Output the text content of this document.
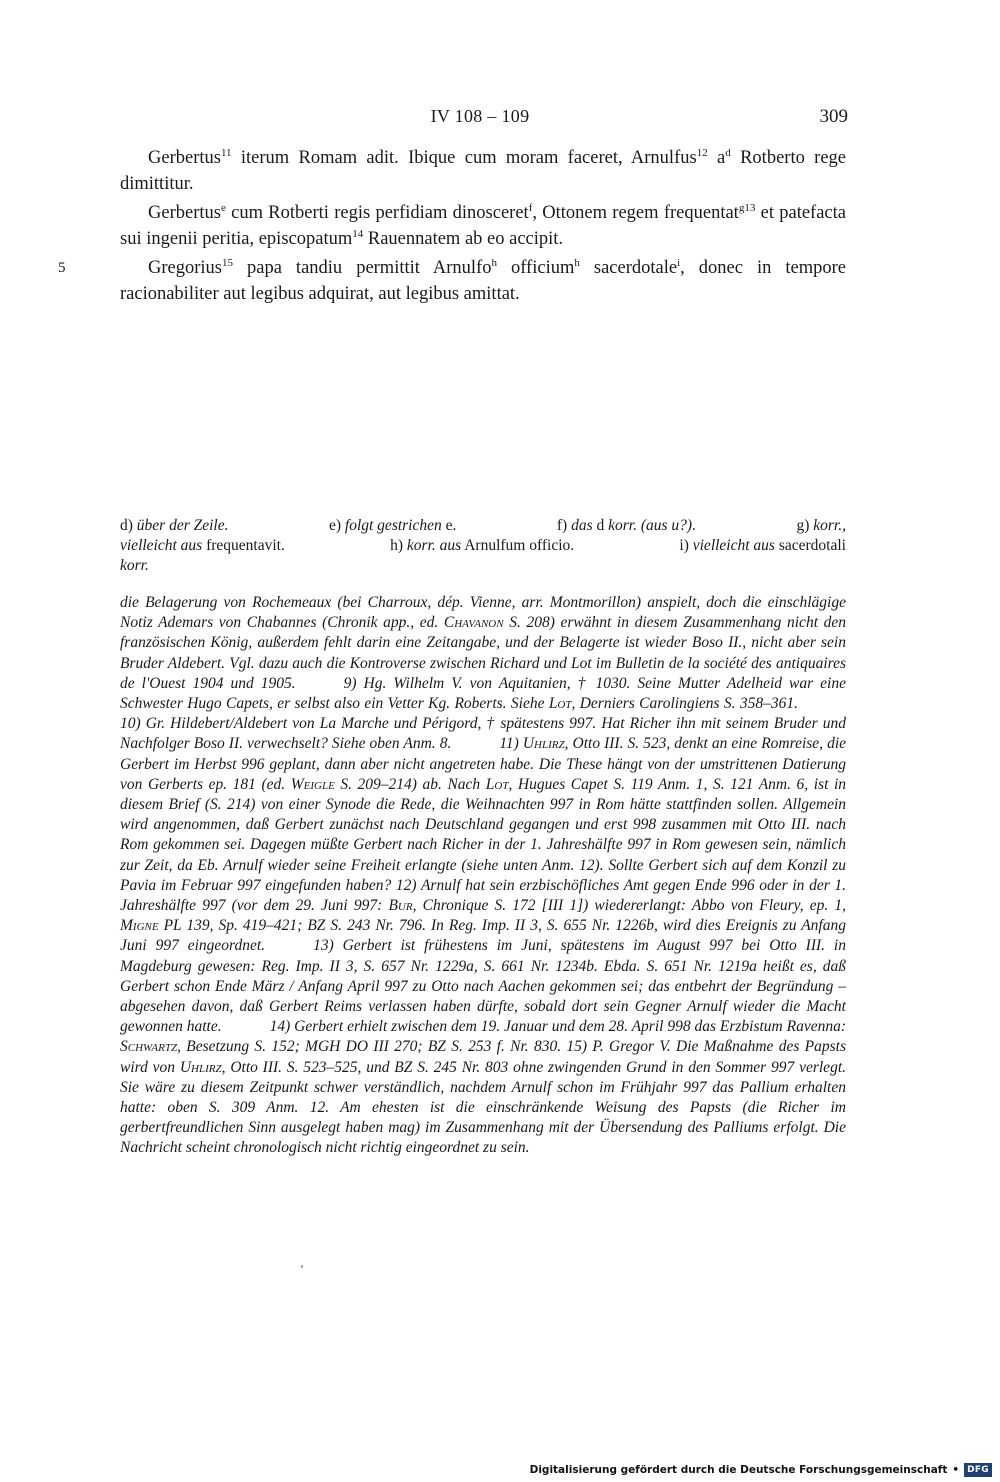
IV 108 – 109	309

Gerbertus$^{11}$ iterum Romam adit. Ibique cum moram faceret, Arnulfus$^{12}$ $a^d$ Rotberto rege dimittitur.

Gerbertus$^e$ cum Rotberti regis perfidiam dinosceret$^f$, Ottonem regem frequentat$^{g13}$ et patefacta sui ingenii peritia, episcopatum$^{14}$ Rauennatem ab eo accipit.

5	Gregorius$^{15}$ papa tandiu permittit Arnulfo$^h$ officium$^h$ sacerdotale$^i$, donec in tempore racionabiliter aut legibus adquirat, aut legibus amittat.

d) über der Zeile.	e) folgt gestrichen e.	f) das d korr. (aus u?).	g) korr.,
vielleicht aus frequentavit.	h) korr. aus Arnulfum officio.	i) vielleicht aus sacerdotali
korr.

die Belagerung von Rochemeaux (bei Charroux, dép. Vienne, arr. Montmorillon) anspielt, doch die einschlägige Notiz Ademars von Chabannes (Chronik app., ed. Chavanon S. 208) erwähnt in diesem Zusammenhang nicht den französischen König, außerdem fehlt darin eine Zeitangabe, und der Belagerte ist wieder Boso II., nicht aber sein Bruder Aldebert. Vgl. dazu auch die Kontroverse zwischen Richard und Lot im Bulletin de la société des antiquaires de l'Ouest 1904 und 1905.	9) Hg. Wilhelm V. von Aquitanien, † 1030. Seine Mutter Adelheid war eine Schwester Hugo Capets, er selbst also ein Vetter Kg. Roberts. Siehe Lot, Derniers Carolingiens S. 358–361.10) Gr. Hildebert/Aldebert von La Marche und Périgord, † spätestens 997. Hat Richer ihn mit seinem Bruder und Nachfolger Boso II. verwechselt? Siehe oben Anm. 8.	11) Uhlirz, Otto III. S. 523, denkt an eine Romreise, die Gerbert im Herbst 996 geplant, dann aber nicht angetreten habe. Die These hängt von der umstrittenen Datierung von Gerberts ep. 181 (ed. Weigle S. 209–214) ab. Nach Lot, Hugues Capet S. 119 Anm. 1, S. 121 Anm. 6, ist in diesem Brief (S. 214) von einer Synode die Rede, die Weihnachten 997 in Rom hätte stattfinden sollen. Allgemein wird angenommen, daß Gerbert zunächst nach Deutschland gegangen und erst 998 zusammen mit Otto III. nach Rom gekommen sei. Dagegen müßte Gerbert nach Richer in der 1. Jahreshälfte 997 in Rom gewesen sein, nämlich zur Zeit, da Eb. Arnulf wieder seine Freiheit erlangte (siehe unten Anm. 12). Sollte Gerbert sich auf dem Konzil zu Pavia im Februar 997 eingefunden haben? 12) Arnulf hat sein erzbischöfliches Amt gegen Ende 996 oder in der 1. Jahreshälfte 997 (vor dem 29. Juni 997: Bur, Chronique S. 172 [III 1]) wiedererlangt: Abbo von Fleury, ep. 1, Migne PL 139, Sp. 419–421; BZ S. 243 Nr. 796. In Reg. Imp. II 3, S. 655 Nr. 1226b, wird dies Ereignis zu Anfang Juni 997 eingeordnet.	13) Gerbert ist frühestens im Juni, spätestens im August 997 bei Otto III. in Magdeburg gewesen: Reg. Imp. II 3, S. 657 Nr. 1229a, S. 661 Nr. 1234b. Ebda. S. 651 Nr. 1219a heißt es, daß Gerbert schon Ende März / Anfang April 997 zu Otto nach Aachen gekommen sei; das entbehrt der Begründung – abgesehen davon, daß Gerbert Reims verlassen haben dürfte, sobald dort sein Gegner Arnulf wieder die Macht gewonnen hatte.	14) Gerbert erhielt zwischen dem 19. Januar und dem 28. April 998 das Erzbistum Ravenna: Schwartz, Besetzung S. 152; MGH DO III 270; BZ S. 253 f. Nr. 830. 15) P. Gregor V. Die Maßnahme des Papsts wird von Uhlirz, Otto III. S. 523–525, und BZ S. 245 Nr. 803 ohne zwingenden Grund in den Sommer 997 verlegt. Sie wäre zu diesem Zeitpunkt schwer verständlich, nachdem Arnulf schon im Frühjahr 997 das Pallium erhalten hatte: oben S. 309 Anm. 12. Am ehesten ist die einschränkende Weisung des Papsts (die Richer im gerbertfreundlichen Sinn ausgelegt haben mag) im Zusammenhang mit der Übersendung des Palliums erfolgt. Die Nachricht scheint chronologisch nicht richtig eingeordnet zu sein.

Digitalisierung gefördert durch die Deutsche Forschungsgemeinschaft • DFG
